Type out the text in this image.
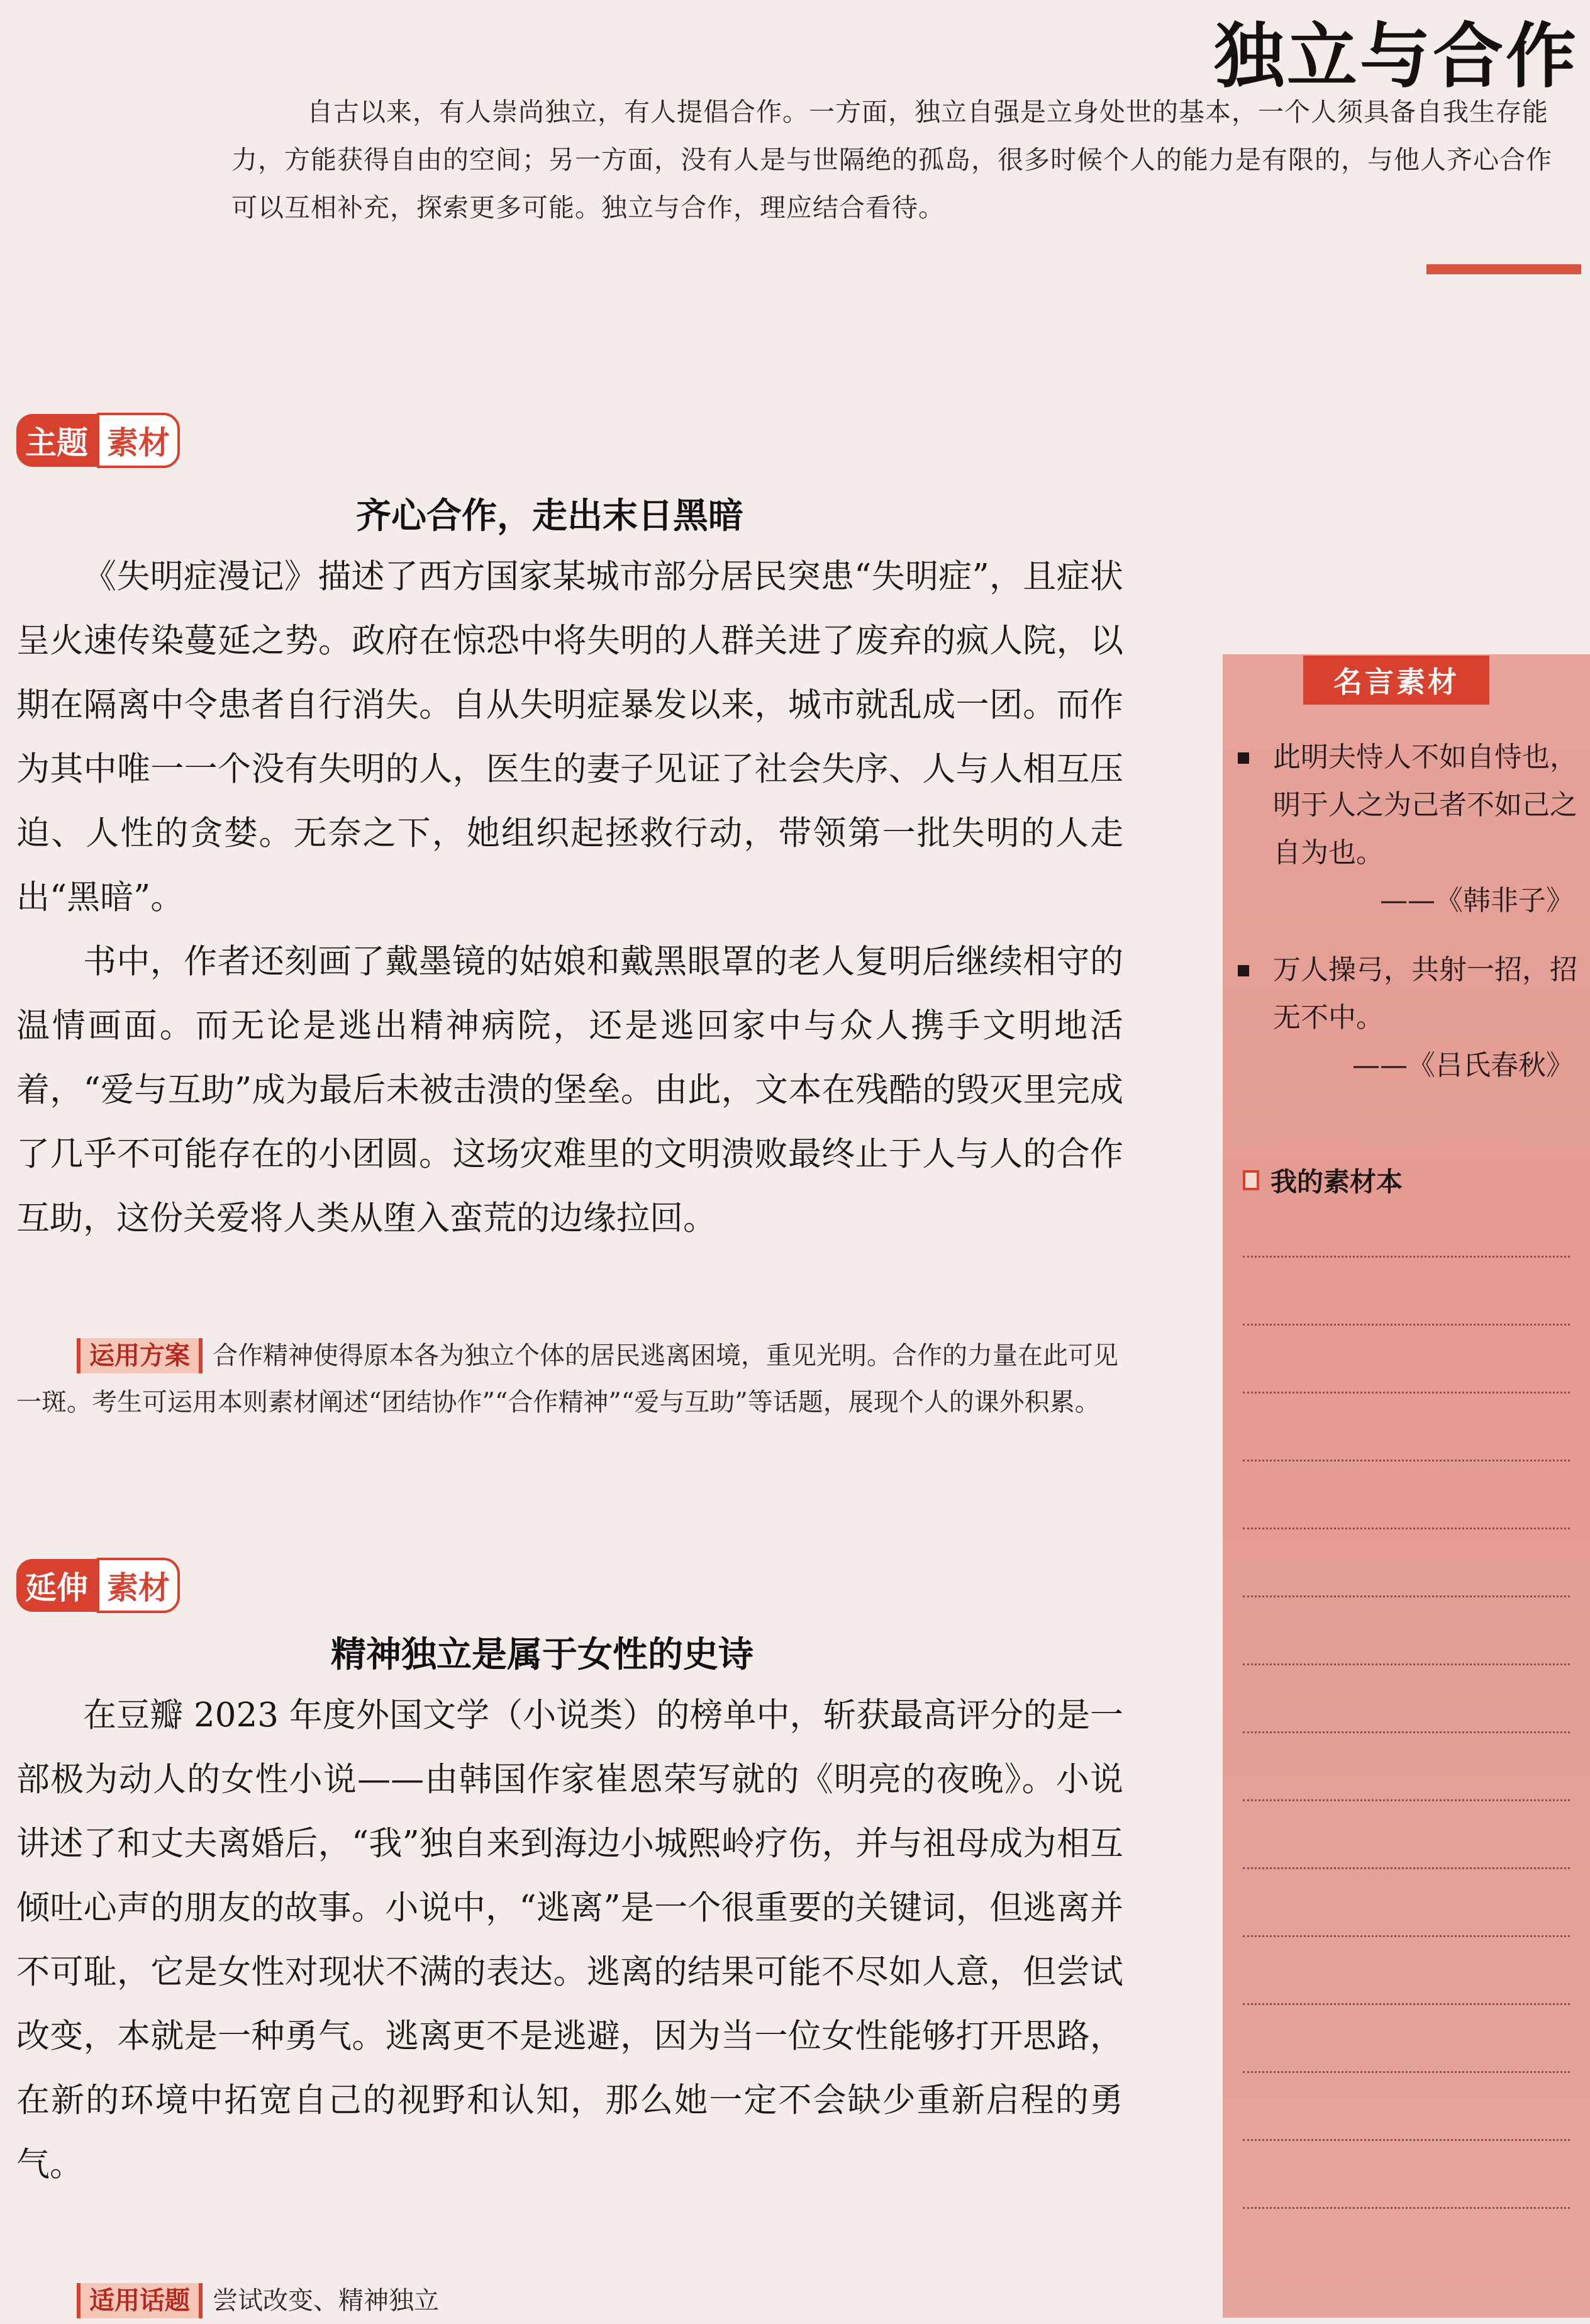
独立与合作
自古以来，有人崇尚独立，有人提倡合作。一方面，独立自强是立身处世的基本，一个人须具备自我生存能力，方能获得自由的空间；另一方面，没有人是与世隔绝的孤岛，很多时候个人的能力是有限的，与他人齐心合作可以互相补充，探索更多可能。独立与合作，理应结合看待。
主题 素材
齐心合作，走出末日黑暗

《失明症漫记》描述了西方国家某城市部分居民突患“失明症”，且症状呈火速传染蔓延之势。政府在惊恐中将失明的人群关进了废弃的疯人院，以期在隔离中令患者自行消失。自从失明症暴发以来，城市就乱成一团。而作为其中唯一一个没有失明的人，医生的妻子见证了社会失序、人与人相互压迫、人性的贪婪。无奈之下，她组织起拯救行动，带领第一批失明的人走出“黑暗”。

书中，作者还刻画了戴墨镜的姑娘和戴黑眼罩的老人复明后继续相守的温情画面。而无论是逃出精神病院，还是逃回家中与众人携手文明地活着，“爱与互助”成为最后未被击溃的堡垒。由此，文本在残酷的毁灭里完成了几乎不可能存在的小团圆。这场灾难里的文明溃败最终止于人与人的合作互助，这份关爱将人类从堕入蛮荒的边缘拉回。

运用方案 合作精神使得原本各为独立个体的居民逃离困境，重见光明。合作的力量在此可见一斑。考生可运用本则素材阐述“团结协作”“合作精神”“爱与互助”等话题，展现个人的课外积累。
延伸 素材
精神独立是属于女性的史诗

在豆瓣 2023 年度外国文学（小说类）的榜单中，斩获最高评分的是一部极为动人的女性小说——由韩国作家崔恩荣写就的《明亮的夜晚》。小说讲述了和丈夫离婚后，“我”独自来到海边小城熙岭疗伤，并与祖母成为相互倾吐心声的朋友的故事。小说中，“逃离”是一个很重要的关键词，但逃离并不可耻，它是女性对现状不满的表达。逃离的结果可能不尽如人意，但尝试改变，本就是一种勇气。逃离更不是逃避，因为当一位女性能够打开思路，在新的环境中拓宽自己的视野和认知，那么她一定不会缺少重新启程的勇气。

适用话题 尝试改变、精神独立
名言素材
此明夫恃人不如自恃也，明于人之为己者不如己之自为也。
——《韩非子》
万人操弓，共射一招，招无不中。
——《吕氏春秋》
我的素材本
